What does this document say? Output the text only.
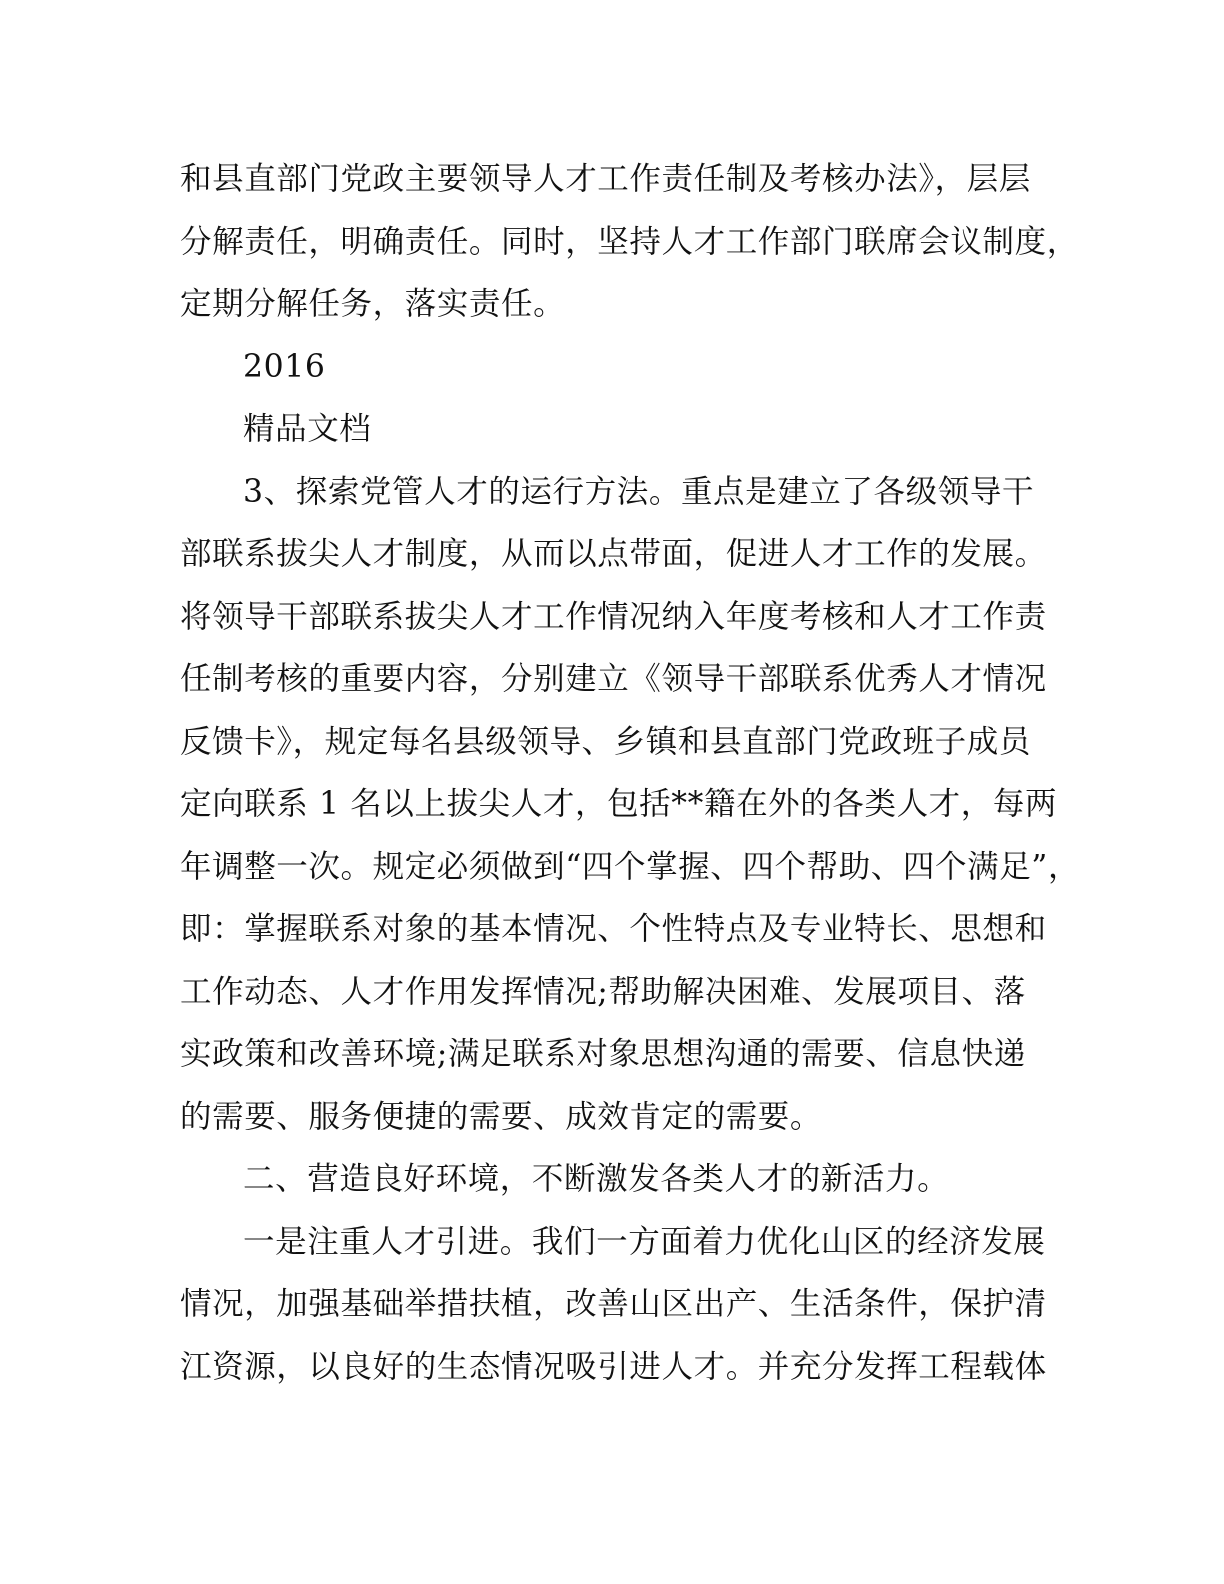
和县直部门党政主要领导人才工作责任制及考核办法》，层层
分解责任，明确责任。同时，坚持人才工作部门联席会议制度，
定期分解任务，落实责任。
2016
精品文档
3、探索党管人才的运行方法。重点是建立了各级领导干
部联系拔尖人才制度，从而以点带面，促进人才工作的发展。
将领导干部联系拔尖人才工作情况纳入年度考核和人才工作责
任制考核的重要内容，分别建立《领导干部联系优秀人才情况
反馈卡》，规定每名县级领导、乡镇和县直部门党政班子成员
定向联系 1 名以上拔尖人才，包括**籍在外的各类人才，每两
年调整一次。规定必须做到“四个掌握、四个帮助、四个满足”，
即：掌握联系对象的基本情况、个性特点及专业特长、思想和
工作动态、人才作用发挥情况;帮助解决困难、发展项目、落
实政策和改善环境;满足联系对象思想沟通的需要、信息快递
的需要、服务便捷的需要、成效肯定的需要。
二、营造良好环境，不断激发各类人才的新活力。
一是注重人才引进。我们一方面着力优化山区的经济发展
情况，加强基础举措扶植，改善山区出产、生活条件，保护清
江资源，以良好的生态情况吸引进人才。并充分发挥工程载体
